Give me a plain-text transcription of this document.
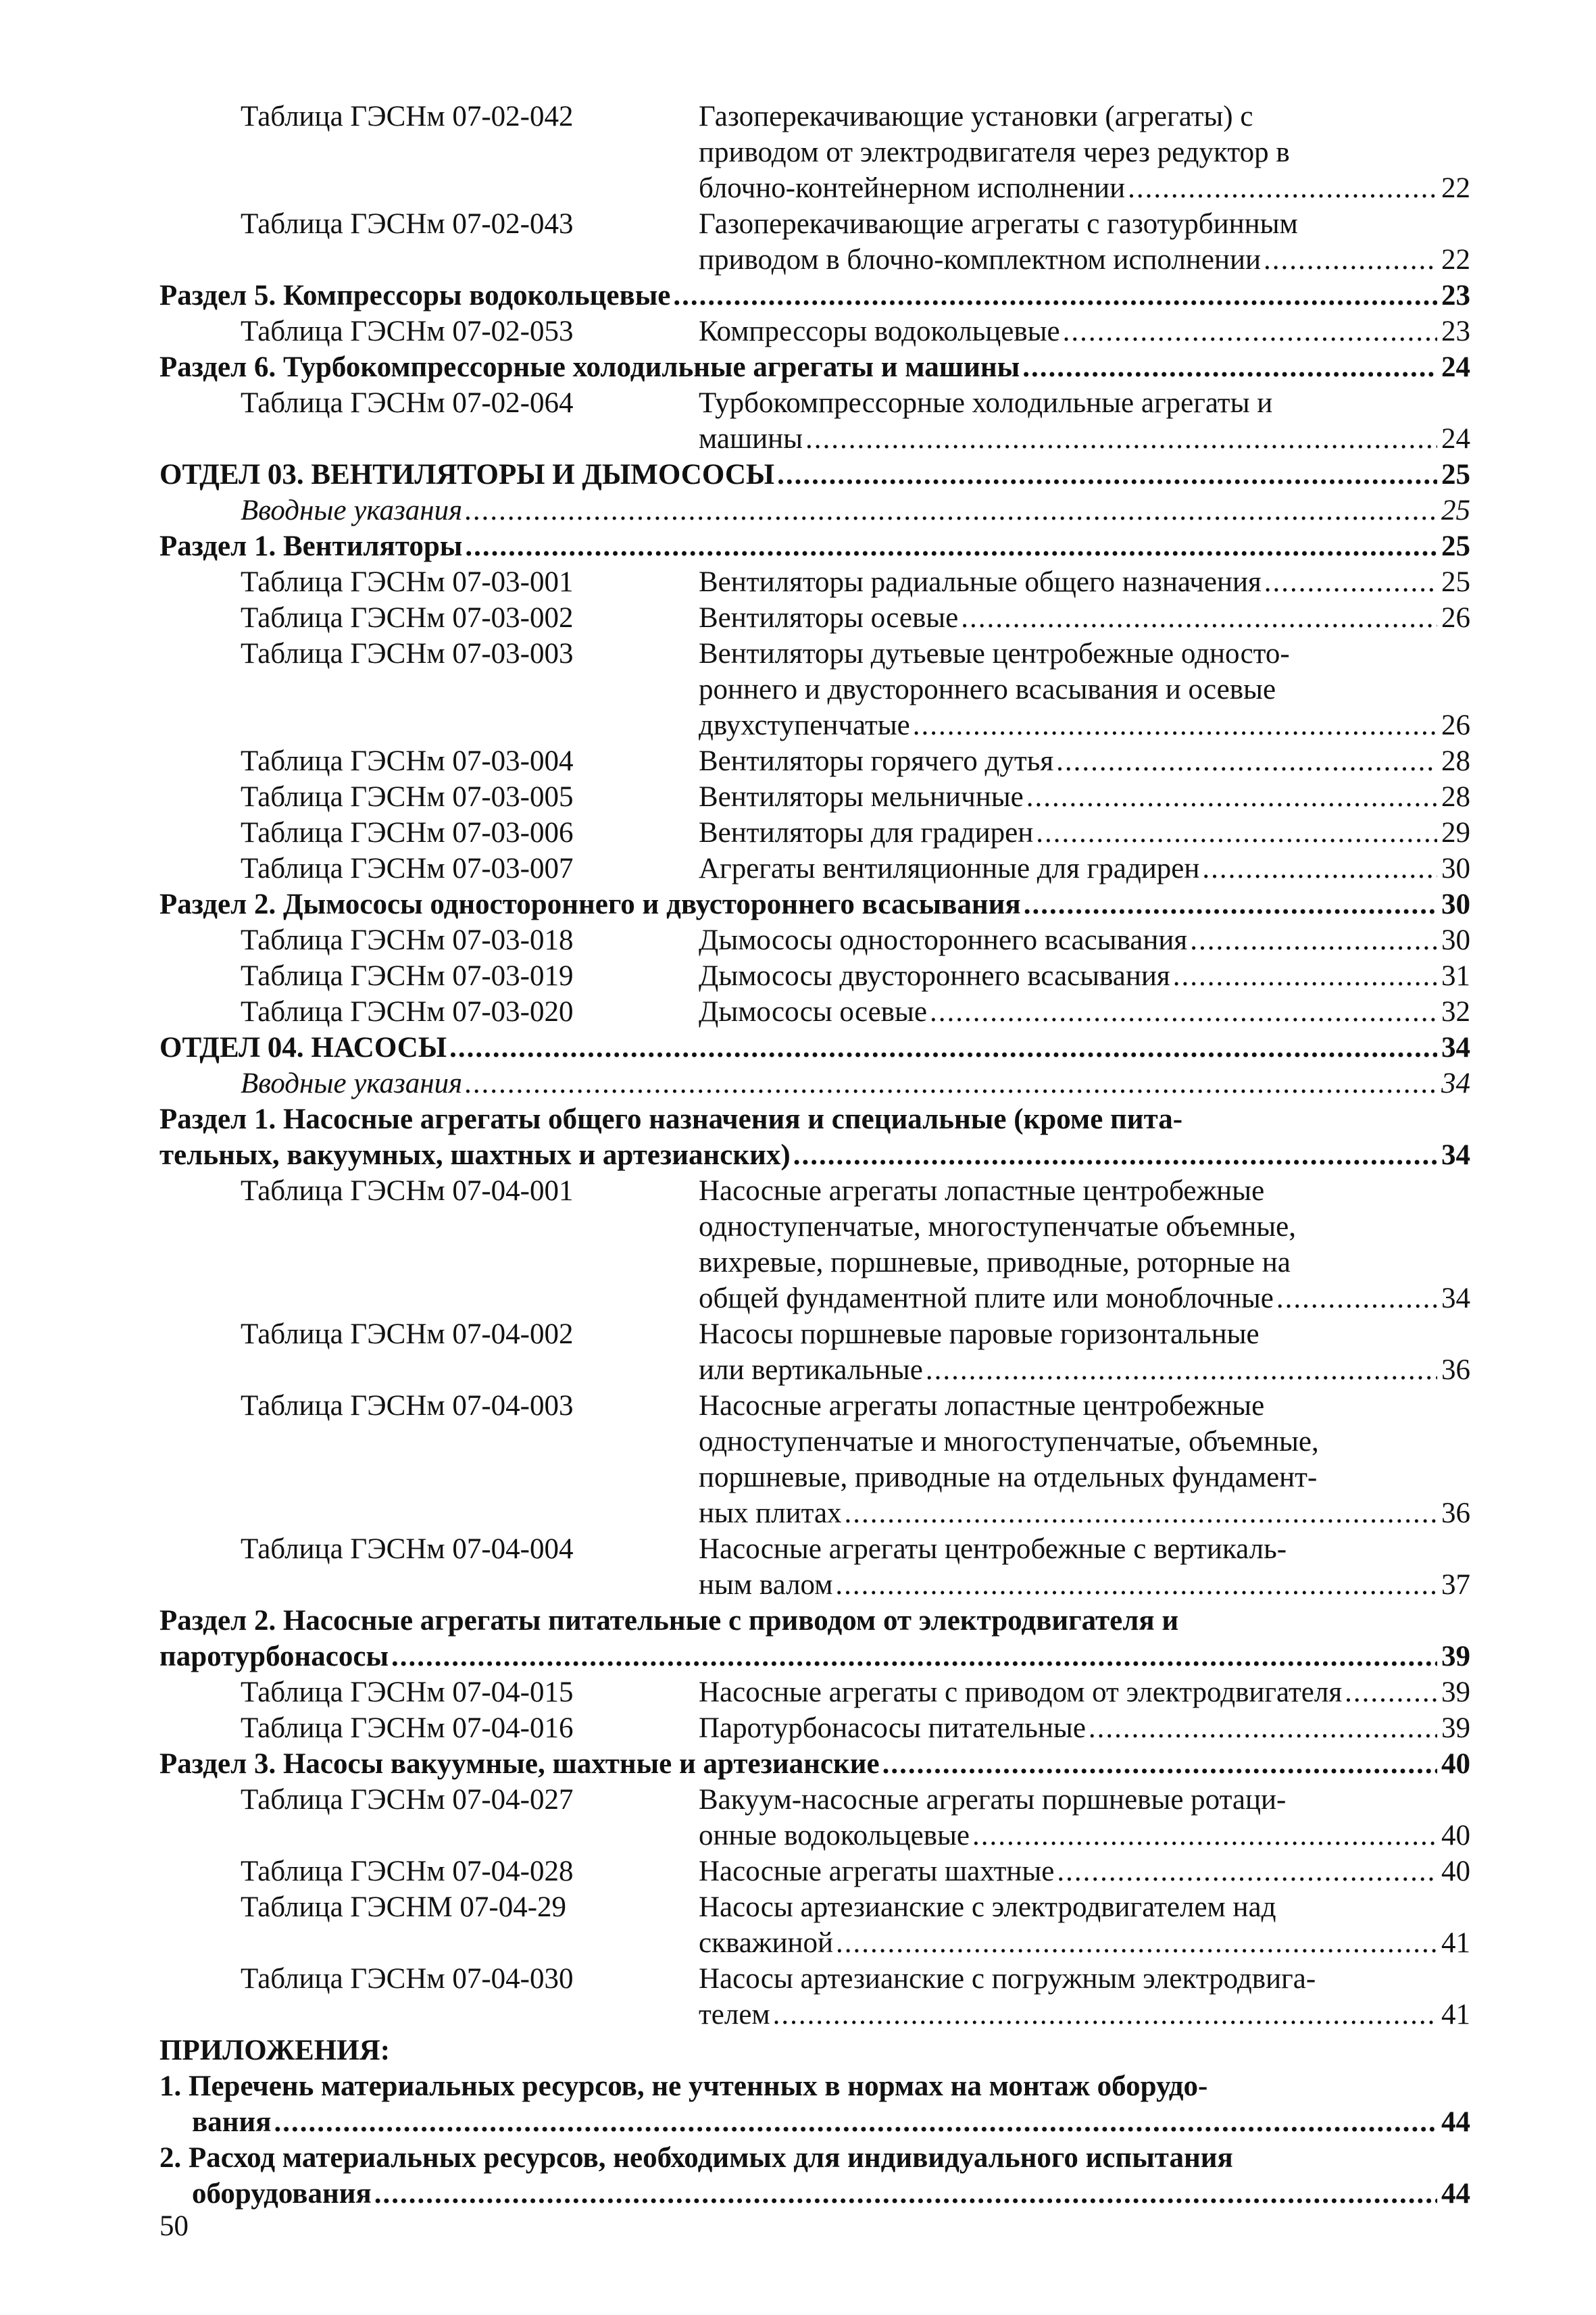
Таблица ГЭСНм 07-02-042	Газоперекачивающие установки (агрегаты) с
приводом от электродвигателя через редуктор в
блочно-контейнерном исполнении .....	22
Таблица ГЭСНм 07-02-043	Газоперекачивающие агрегаты с газотурбинным
приводом в блочно-комплектном исполнении .....	22
Раздел 5. Компрессоры водокольцевые .....	23
Таблица ГЭСНм 07-02-053	Компрессоры водокольцевые .....	23
Раздел 6. Турбокомпрессорные холодильные агрегаты и машины .....	24
Таблица ГЭСНм 07-02-064	Турбокомпрессорные холодильные агрегаты и
машины .....	24
ОТДЕЛ 03. ВЕНТИЛЯТОРЫ И ДЫМОСОСЫ .....	25
Вводные указания .....	25
Раздел 1. Вентиляторы .....	25
Таблица ГЭСНм 07-03-001	Вентиляторы радиальные общего назначения .....	25
Таблица ГЭСНм 07-03-002	Вентиляторы осевые .....	26
Таблица ГЭСНм 07-03-003	Вентиляторы дутьевые центробежные односто-
роннего и двустороннего всасывания и осевые
двухступенчатые .....	26
Таблица ГЭСНм 07-03-004	Вентиляторы горячего дутья .....	28
Таблица ГЭСНм 07-03-005	Вентиляторы мельничные .....	28
Таблица ГЭСНм 07-03-006	Вентиляторы для градирен .....	29
Таблица ГЭСНм 07-03-007	Агрегаты вентиляционные для градирен .....	30
Раздел 2. Дымососы одностороннего и двустороннего всасывания .....	30
Таблица ГЭСНм 07-03-018	Дымососы одностороннего всасывания .....	30
Таблица ГЭСНм 07-03-019	Дымососы двустороннего всасывания .....	31
Таблица ГЭСНм 07-03-020	Дымососы осевые .....	32
ОТДЕЛ 04. НАСОСЫ .....	34
Вводные указания .....	34
Раздел 1. Насосные агрегаты общего назначения и специальные (кроме пита-
тельных, вакуумных, шахтных и артезианских) .....	34
Таблица ГЭСНм 07-04-001	Насосные агрегаты лопастные центробежные
одноступенчатые, многоступенчатые объемные,
вихревые, поршневые, приводные, роторные на
общей фундаментной плите или моноблочные .....	34
Таблица ГЭСНм 07-04-002	Насосы поршневые паровые горизонтальные
или вертикальные .....	36
Таблица ГЭСНм 07-04-003	Насосные агрегаты лопастные центробежные
одноступенчатые и многоступенчатые, объемные,
поршневые, приводные на отдельных фундамент-
ных плитах .....	36
Таблица ГЭСНм 07-04-004	Насосные агрегаты центробежные с вертикаль-
ным валом .....	37
Раздел 2. Насосные агрегаты питательные с приводом от электродвигателя и
паротурбонасосы .....	39
Таблица ГЭСНм 07-04-015	Насосные агрегаты с приводом от электродвигателя .....	39
Таблица ГЭСНм 07-04-016	Паротурбонасосы питательные .....	39
Раздел 3. Насосы вакуумные, шахтные и артезианские .....	40
Таблица ГЭСНм 07-04-027	Вакуум-насосные агрегаты поршневые ротаци-
онные водокольцевые .....	40
Таблица ГЭСНм 07-04-028	Насосные агрегаты шахтные .....	40
Таблица ГЭСНМ 07-04-29	Насосы артезианские с электродвигателем над
скважиной .....	41
Таблица ГЭСНм 07-04-030	Насосы артезианские с погружным электродвига-
телем .....	41
ПРИЛОЖЕНИЯ:
1. Перечень материальных ресурсов, не учтенных в нормах на монтаж оборудо-
вания .....	44
2. Расход материальных ресурсов, необходимых для индивидуального испытания
оборудования .....	44
50
